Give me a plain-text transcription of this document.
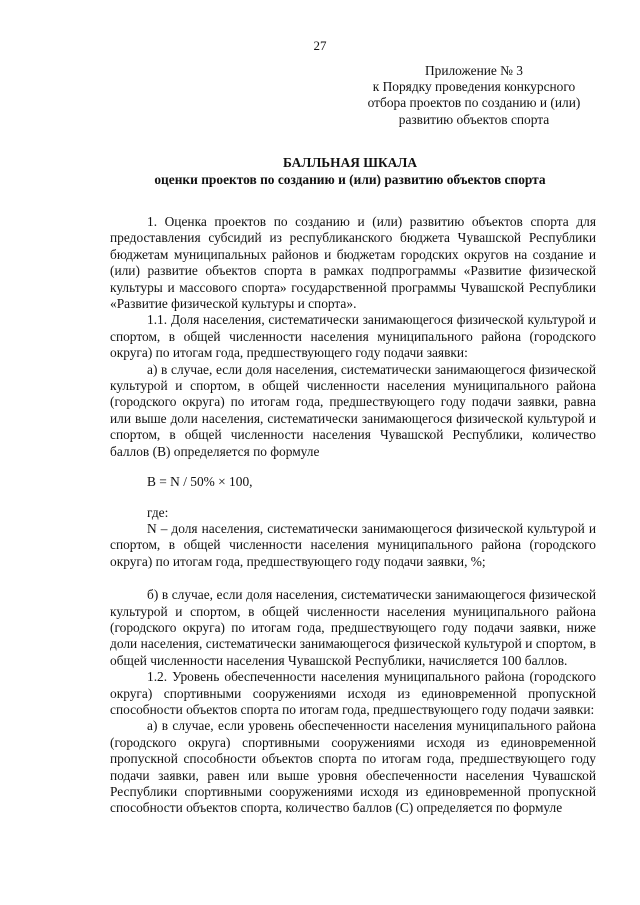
27
Приложение № 3
к Порядку проведения конкурсного
отбора проектов по созданию и (или)
развитию объектов спорта
БАЛЛЬНАЯ ШКАЛА
оценки проектов по созданию и (или) развитию объектов спорта

1. Оценка проектов по созданию и (или) развитию объектов спорта для предоставления субсидий из республиканского бюджета Чувашской Республики бюджетам муниципальных районов и бюджетам городских округов на создание и (или) развитие объектов спорта в рамках подпрограммы «Развитие физической культуры и массового спорта» государственной программы Чувашской Республики «Развитие физической культуры и спорта».

1.1. Доля населения, систематически занимающегося физической культурой и спортом, в общей численности населения муниципального района (городского округа) по итогам года, предшествующего году подачи заявки:

а) в случае, если доля населения, систематически занимающегося физической культурой и спортом, в общей численности населения муниципального района (городского округа) по итогам года, предшествующего году подачи заявки, равна или выше доли населения, систематически занимающегося физической культурой и спортом, в общей численности населения Чувашской Республики, количество баллов (В) определяется по формуле

В = N / 50% × 100,

где:

N – доля населения, систематически занимающегося физической культурой и спортом, в общей численности населения муниципального района (городского округа) по итогам года, предшествующего году подачи заявки, %;

б) в случае, если доля населения, систематически занимающегося физической культурой и спортом, в общей численности населения муниципального района (городского округа) по итогам года, предшествующего году подачи заявки, ниже доли населения, систематически занимающегося физической культурой и спортом, в общей численности населения Чувашской Республики, начисляется 100 баллов.

1.2. Уровень обеспеченности населения муниципального района (городского округа) спортивными сооружениями исходя из единовременной пропускной способности объектов спорта по итогам года, предшествующего году подачи заявки:

а) в случае, если уровень обеспеченности населения муниципального района (городского округа) спортивными сооружениями исходя из единовременной пропускной способности объектов спорта по итогам года, предшествующего году подачи заявки, равен или выше уровня обеспеченности населения Чувашской Республики спортивными сооружениями исходя из единовременной пропускной способности объектов спорта, количество баллов (С) определяется по формуле
